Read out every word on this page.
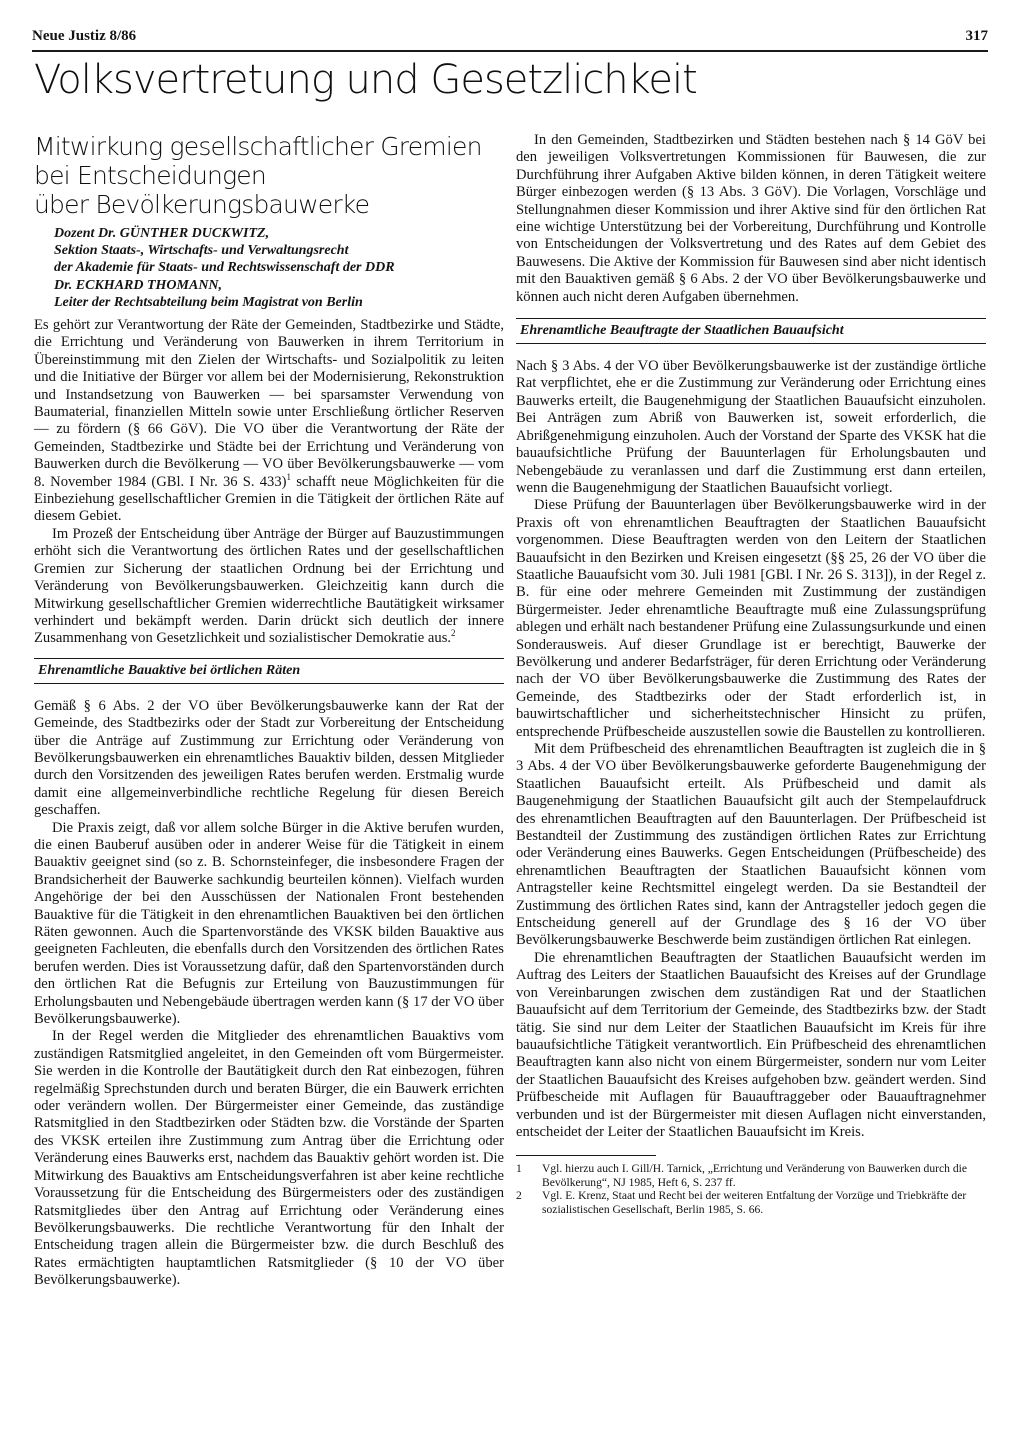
Neue Justiz 8/86	317
Volksvertretung und Gesetzlichkeit
Mitwirkung gesellschaftlicher Gremien
bei Entscheidungen
über Bevölkerungsbauwerke
Dozent Dr. GÜNTHER DUCKWITZ,
Sektion Staats-, Wirtschafts- und Verwaltungsrecht
der Akademie für Staats- und Rechtswissenschaft der DDR
Dr. ECKHARD THOMANN,
Leiter der Rechtsabteilung beim Magistrat von Berlin

Es gehört zur Verantwortung der Räte der Gemeinden, Stadtbezirke und Städte, die Errichtung und Veränderung von Bauwerken in ihrem Territorium in Übereinstimmung mit den Zielen der Wirtschafts- und Sozialpolitik zu leiten und die Initiative der Bürger vor allem bei der Modernisierung, Rekonstruktion und Instandsetzung von Bauwerken — bei sparsamster Verwendung von Baumaterial, finanziellen Mitteln sowie unter Erschließung örtlicher Reserven — zu fördern (§ 66 GöV). Die VO über die Verantwortung der Räte der Gemeinden, Stadtbezirke und Städte bei der Errichtung und Veränderung von Bauwerken durch die Bevölkerung — VO über Bevölkerungsbauwerke — vom 8. November 1984 (GBl. I Nr. 36 S. 433)$^1$ schafft neue Möglichkeiten für die Einbeziehung gesellschaftlicher Gremien in die Tätigkeit der örtlichen Räte auf diesem Gebiet.

Im Prozeß der Entscheidung über Anträge der Bürger auf Bauzustimmungen erhöht sich die Verantwortung des örtlichen Rates und der gesellschaftlichen Gremien zur Sicherung der staatlichen Ordnung bei der Errichtung und Veränderung von Bevölkerungsbauwerken. Gleichzeitig kann durch die Mitwirkung gesellschaftlicher Gremien widerrechtliche Bautätigkeit wirksamer verhindert und bekämpft werden. Darin drückt sich deutlich der innere Zusammenhang von Gesetzlichkeit und sozialistischer Demokratie aus.$^2$

Ehrenamtliche Bauaktive bei örtlichen Räten

Gemäß § 6 Abs. 2 der VO über Bevölkerungsbauwerke kann der Rat der Gemeinde, des Stadtbezirks oder der Stadt zur Vorbereitung der Entscheidung über die Anträge auf Zustimmung zur Errichtung oder Veränderung von Bevölkerungsbauwerken ein ehrenamtliches Bauaktiv bilden, dessen Mitglieder durch den Vorsitzenden des jeweiligen Rates berufen werden. Erstmalig wurde damit eine allgemeinverbindliche rechtliche Regelung für diesen Bereich geschaffen.

Die Praxis zeigt, daß vor allem solche Bürger in die Aktive berufen wurden, die einen Bauberuf ausüben oder in anderer Weise für die Tätigkeit in einem Bauaktiv geeignet sind (so z. B. Schornsteinfeger, die insbesondere Fragen der Brandsicherheit der Bauwerke sachkundig beurteilen können). Vielfach wurden Angehörige der bei den Ausschüssen der Nationalen Front bestehenden Bauaktive für die Tätigkeit in den ehrenamtlichen Bauaktiven bei den örtlichen Räten gewonnen. Auch die Spartenvorstände des VKSK bilden Bauaktive aus geeigneten Fachleuten, die ebenfalls durch den Vorsitzenden des örtlichen Rates berufen werden. Dies ist Voraussetzung dafür, daß den Spartenvorständen durch den örtlichen Rat die Befugnis zur Erteilung von Bauzustimmungen für Erholungsbauten und Nebengebäude übertragen werden kann (§ 17 der VO über Bevölkerungsbauwerke).

In der Regel werden die Mitglieder des ehrenamtlichen Bauaktivs vom zuständigen Ratsmitglied angeleitet, in den Gemeinden oft vom Bürgermeister. Sie werden in die Kontrolle der Bautätigkeit durch den Rat einbezogen, führen regelmäßig Sprechstunden durch und beraten Bürger, die ein Bauwerk errichten oder verändern wollen. Der Bürgermeister einer Gemeinde, das zuständige Ratsmitglied in den Stadtbezirken oder Städten bzw. die Vorstände der Sparten des VKSK erteilen ihre Zustimmung zum Antrag über die Errichtung oder Veränderung eines Bauwerks erst, nachdem das Bauaktiv gehört worden ist. Die Mitwirkung des Bauaktivs am Entscheidungsverfahren ist aber keine rechtliche Voraussetzung für die Entscheidung des Bürgermeisters oder des zuständigen Ratsmitgliedes über den Antrag auf Errichtung oder Veränderung eines Bevölkerungsbauwerks. Die rechtliche Verantwortung für den Inhalt der Entscheidung tragen allein die Bürgermeister bzw. die durch Beschluß des Rates ermächtigten hauptamtlichen Ratsmitglieder (§ 10 der VO über Bevölkerungsbauwerke).

In den Gemeinden, Stadtbezirken und Städten bestehen nach § 14 GöV bei den jeweiligen Volksvertretungen Kommissionen für Bauwesen, die zur Durchführung ihrer Aufgaben Aktive bilden können, in deren Tätigkeit weitere Bürger einbezogen werden (§ 13 Abs. 3 GöV). Die Vorlagen, Vorschläge und Stellungnahmen dieser Kommission und ihrer Aktive sind für den örtlichen Rat eine wichtige Unterstützung bei der Vorbereitung, Durchführung und Kontrolle von Entscheidungen der Volksvertretung und des Rates auf dem Gebiet des Bauwesens. Die Aktive der Kommission für Bauwesen sind aber nicht identisch mit den Bauaktiven gemäß § 6 Abs. 2 der VO über Bevölkerungsbauwerke und können auch nicht deren Aufgaben übernehmen.

Ehrenamtliche Beauftragte der Staatlichen Bauaufsicht

Nach § 3 Abs. 4 der VO über Bevölkerungsbauwerke ist der zuständige örtliche Rat verpflichtet, ehe er die Zustimmung zur Veränderung oder Errichtung eines Bauwerks erteilt, die Baugenehmigung der Staatlichen Bauaufsicht einzuholen. Bei Anträgen zum Abriß von Bauwerken ist, soweit erforderlich, die Abrißgenehmigung einzuholen. Auch der Vorstand der Sparte des VKSK hat die bauaufsichtliche Prüfung der Bauunterlagen für Erholungsbauten und Nebengebäude zu veranlassen und darf die Zustimmung erst dann erteilen, wenn die Baugenehmigung der Staatlichen Bauaufsicht vorliegt.

Diese Prüfung der Bauunterlagen über Bevölkerungsbauwerke wird in der Praxis oft von ehrenamtlichen Beauftragten der Staatlichen Bauaufsicht vorgenommen. Diese Beauftragten werden von den Leitern der Staatlichen Bauaufsicht in den Bezirken und Kreisen eingesetzt (§§ 25, 26 der VO über die Staatliche Bauaufsicht vom 30. Juli 1981 [GBl. I Nr. 26 S. 313]), in der Regel z. B. für eine oder mehrere Gemeinden mit Zustimmung der zuständigen Bürgermeister. Jeder ehrenamtliche Beauftragte muß eine Zulassungsprüfung ablegen und erhält nach bestandener Prüfung eine Zulassungsurkunde und einen Sonderausweis. Auf dieser Grundlage ist er berechtigt, Bauwerke der Bevölkerung und anderer Bedarfsträger, für deren Errichtung oder Veränderung nach der VO über Bevölkerungsbauwerke die Zustimmung des Rates der Gemeinde, des Stadtbezirks oder der Stadt erforderlich ist, in bauwirtschaftlicher und sicherheitstechnischer Hinsicht zu prüfen, entsprechende Prüfbescheide auszustellen sowie die Baustellen zu kontrollieren.

Mit dem Prüfbescheid des ehrenamtlichen Beauftragten ist zugleich die in § 3 Abs. 4 der VO über Bevölkerungsbauwerke geforderte Baugenehmigung der Staatlichen Bauaufsicht erteilt. Als Prüfbescheid und damit als Baugenehmigung der Staatlichen Bauaufsicht gilt auch der Stempelaufdruck des ehrenamtlichen Beauftragten auf den Bauunterlagen. Der Prüfbescheid ist Bestandteil der Zustimmung des zuständigen örtlichen Rates zur Errichtung oder Veränderung eines Bauwerks. Gegen Entscheidungen (Prüfbescheide) des ehrenamtlichen Beauftragten der Staatlichen Bauaufsicht können vom Antragsteller keine Rechtsmittel eingelegt werden. Da sie Bestandteil der Zustimmung des örtlichen Rates sind, kann der Antragsteller jedoch gegen die Entscheidung generell auf der Grundlage des § 16 der VO über Bevölkerungsbauwerke Beschwerde beim zuständigen örtlichen Rat einlegen.

Die ehrenamtlichen Beauftragten der Staatlichen Bauaufsicht werden im Auftrag des Leiters der Staatlichen Bauaufsicht des Kreises auf der Grundlage von Vereinbarungen zwischen dem zuständigen Rat und der Staatlichen Bauaufsicht auf dem Territorium der Gemeinde, des Stadtbezirks bzw. der Stadt tätig. Sie sind nur dem Leiter der Staatlichen Bauaufsicht im Kreis für ihre bauaufsichtliche Tätigkeit verantwortlich. Ein Prüfbescheid des ehrenamtlichen Beauftragten kann also nicht von einem Bürgermeister, sondern nur vom Leiter der Staatlichen Bauaufsicht des Kreises aufgehoben bzw. geändert werden. Sind Prüfbescheide mit Auflagen für Bauauftraggeber oder Bauauftragnehmer verbunden und ist der Bürgermeister mit diesen Auflagen nicht einverstanden, entscheidet der Leiter der Staatlichen Bauaufsicht im Kreis.

1 Vgl. hierzu auch I. Gill/H. Tarnick, „Errichtung und Veränderung von Bauwerken durch die Bevölkerung“, NJ 1985, Heft 6, S. 237 ff.
2 Vgl. E. Krenz, Staat und Recht bei der weiteren Entfaltung der Vorzüge und Triebkräfte der sozialistischen Gesellschaft, Berlin 1985, S. 66.
